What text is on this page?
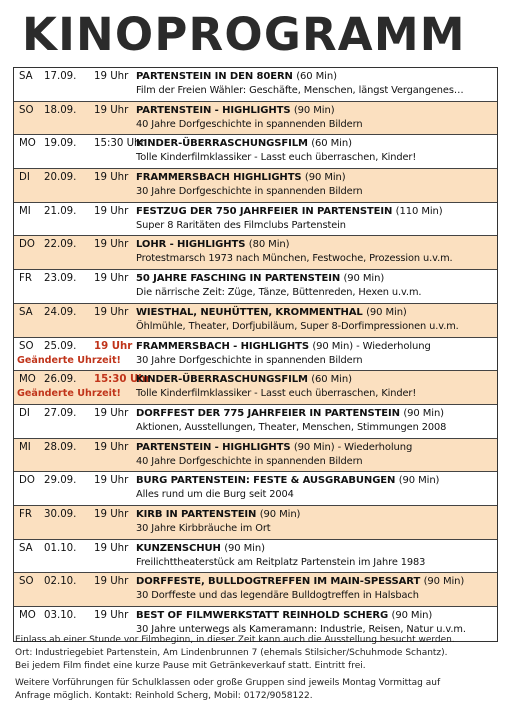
KINOPROGRAMM
SA 17.09. 19 Uhr PARTENSTEIN IN DEN 80ERN (60 Min)
Film der Freien Wähler: Geschäfte, Menschen, längst Vergangenes…
SO 18.09. 19 Uhr PARTENSTEIN - HIGHLIGHTS (90 Min)
40 Jahre Dorfgeschichte in spannenden Bildern
MO 19.09. 15:30 Uhr
KINDER-ÜBERRASCHUNGSFILM (60 Min)
Tolle Kinderfilmklassiker - Lasst euch überraschen, Kinder!
DI 20.09. 19 Uhr FRAMMERSBACH HIGHLIGHTS (90 Min)
30 Jahre Dorfgeschichte in spannenden Bildern
MI 21.09. 19 Uhr FESTZUG DER 750 JAHRFEIER IN PARTENSTEIN (110 Min)
Super 8 Raritäten des Filmclubs Partenstein
DO 22.09. 19 Uhr LOHR - HIGHLIGHTS (80 Min)
Protestmarsch 1973 nach München, Festwoche, Prozession u.v.m.
FR 23.09. 19 Uhr 50 JAHRE FASCHING IN PARTENSTEIN (90 Min)
Die närrische Zeit: Züge, Tänze, Büttenreden, Hexen u.v.m.
SA 24.09. 19 Uhr WIESTHAL, NEUHÜTTEN, KROMMENTHAL (90 Min)
Öhlmühle, Theater, Dorfjubiläum, Super 8-Dorfimpressionen u.v.m.
SO 25.09. 19 Uhr
Geänderte Uhrzeit!
FRAMMERSBACH - HIGHLIGHTS (90 Min) - Wiederholung
30 Jahre Dorfgeschichte in spannenden Bildern
MO 26.09. 15:30 Uhr
Geänderte Uhrzeit!
KINDER-ÜBERRASCHUNGSFILM (60 Min)
Tolle Kinderfilmklassiker - Lasst euch überraschen, Kinder!
DI 27.09. 19 Uhr DORFFEST DER 775 JAHRFEIER IN PARTENSTEIN (90 Min)
Aktionen, Ausstellungen, Theater, Menschen, Stimmungen 2008
MI 28.09. 19 Uhr PARTENSTEIN - HIGHLIGHTS (90 Min) - Wiederholung
40 Jahre Dorfgeschichte in spannenden Bildern
DO 29.09. 19 Uhr BURG PARTENSTEIN: FESTE & AUSGRABUNGEN (90 Min)
Alles rund um die Burg seit 2004
FR 30.09. 19 Uhr KIRB IN PARTENSTEIN (90 Min)
30 Jahre Kirbbräuche im Ort
SA 01.10. 19 Uhr KUNZENSCHUH (90 Min)
Freilichttheaterstück am Reitplatz Partenstein im Jahre 1983
SO 02.10. 19 Uhr DORFFESTE, BULLDOGTREFFEN IM MAIN-SPESSART (90 Min)
30 Dorffeste und das legendäre Bulldogtreffen in Halsbach
MO 03.10. 19 Uhr BEST OF FILMWERKSTATT REINHOLD SCHERG (90 Min)
30 Jahre unterwegs als Kameramann: Industrie, Reisen, Natur u.v.m.

Einlass ab einer Stunde vor Filmbeginn, in dieser Zeit kann auch die Ausstellung besucht werden.

Ort: Industriegebiet Partenstein, Am Lindenbrunnen 7 (ehemals Stilsicher/Schuhmode Schantz).

Bei jedem Film findet eine kurze Pause mit Getränkeverkauf statt. Eintritt frei.

Weitere Vorführungen für Schulklassen oder große Gruppen sind jeweils Montag Vormittag auf

Anfrage möglich. Kontakt: Reinhold Scherg, Mobil: 0172/9058122.
